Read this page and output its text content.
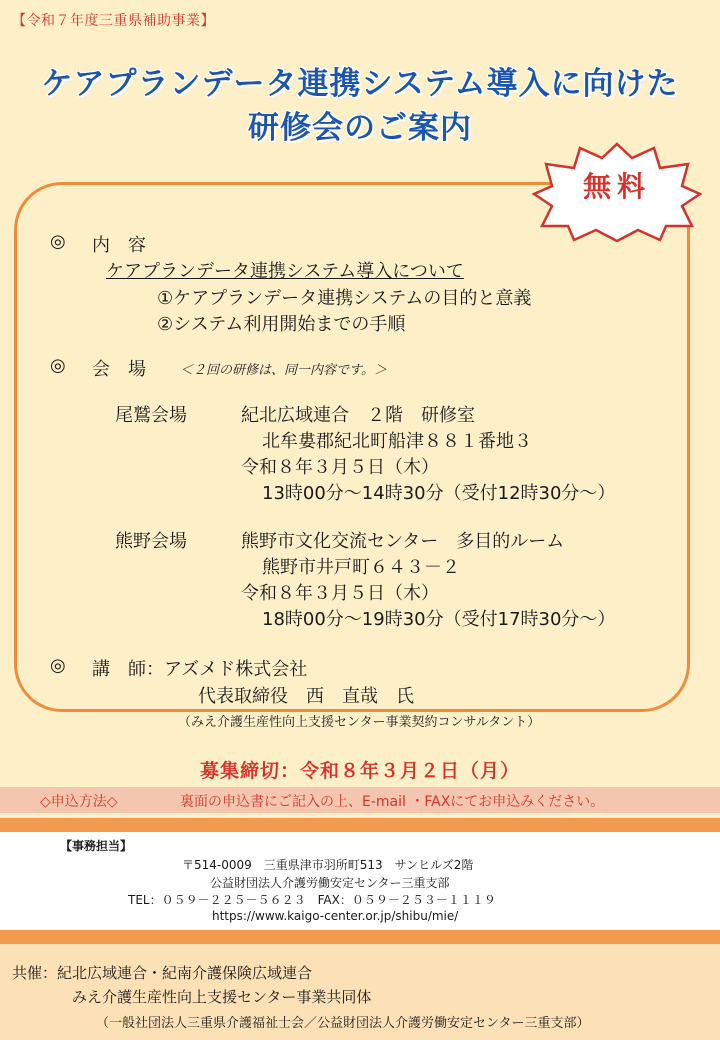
【令和７年度三重県補助事業】
ケアプランデータ連携システム導入に向けた
研修会のご案内
無料
◎ 内　容
ケアプランデータ連携システム導入について
①ケアプランデータ連携システムの目的と意義
②システム利用開始までの手順
◎ 会　場	＜２回の研修は、同一内容です。＞
尾鷲会場	紀北広域連合　２階　研修室
北牟婁郡紀北町船津８８１番地３
令和８年３月５日（木）
13時00分～14時30分（受付12時30分～）
熊野会場	熊野市文化交流センター　多目的ルーム
熊野市井戸町６４３－２
令和８年３月５日（木）
18時00分～19時30分（受付17時30分～）
◎ 講　師：アズメド株式会社
代表取締役　西　直哉　氏
（みえ介護生産性向上支援センター事業契約コンサルタント）
募集締切：令和８年３月２日（月）
◇申込方法◇	裏面の申込書にご記入の上、E-mail ・FAXにてお申込みください。
【事務担当】
〒514-0009　三重県津市羽所町513　サンヒルズ2階
公益財団法人介護労働安定センター三重支部
TEL：０５９－２２５－５６２３　FAX：０５９－２５３－１１１９
https://www.kaigo-center.or.jp/shibu/mie/
共催：紀北広域連合・紀南介護保険広域連合
みえ介護生産性向上支援センター事業共同体
（一般社団法人三重県介護福祉士会／公益財団法人介護労働安定センター三重支部）
